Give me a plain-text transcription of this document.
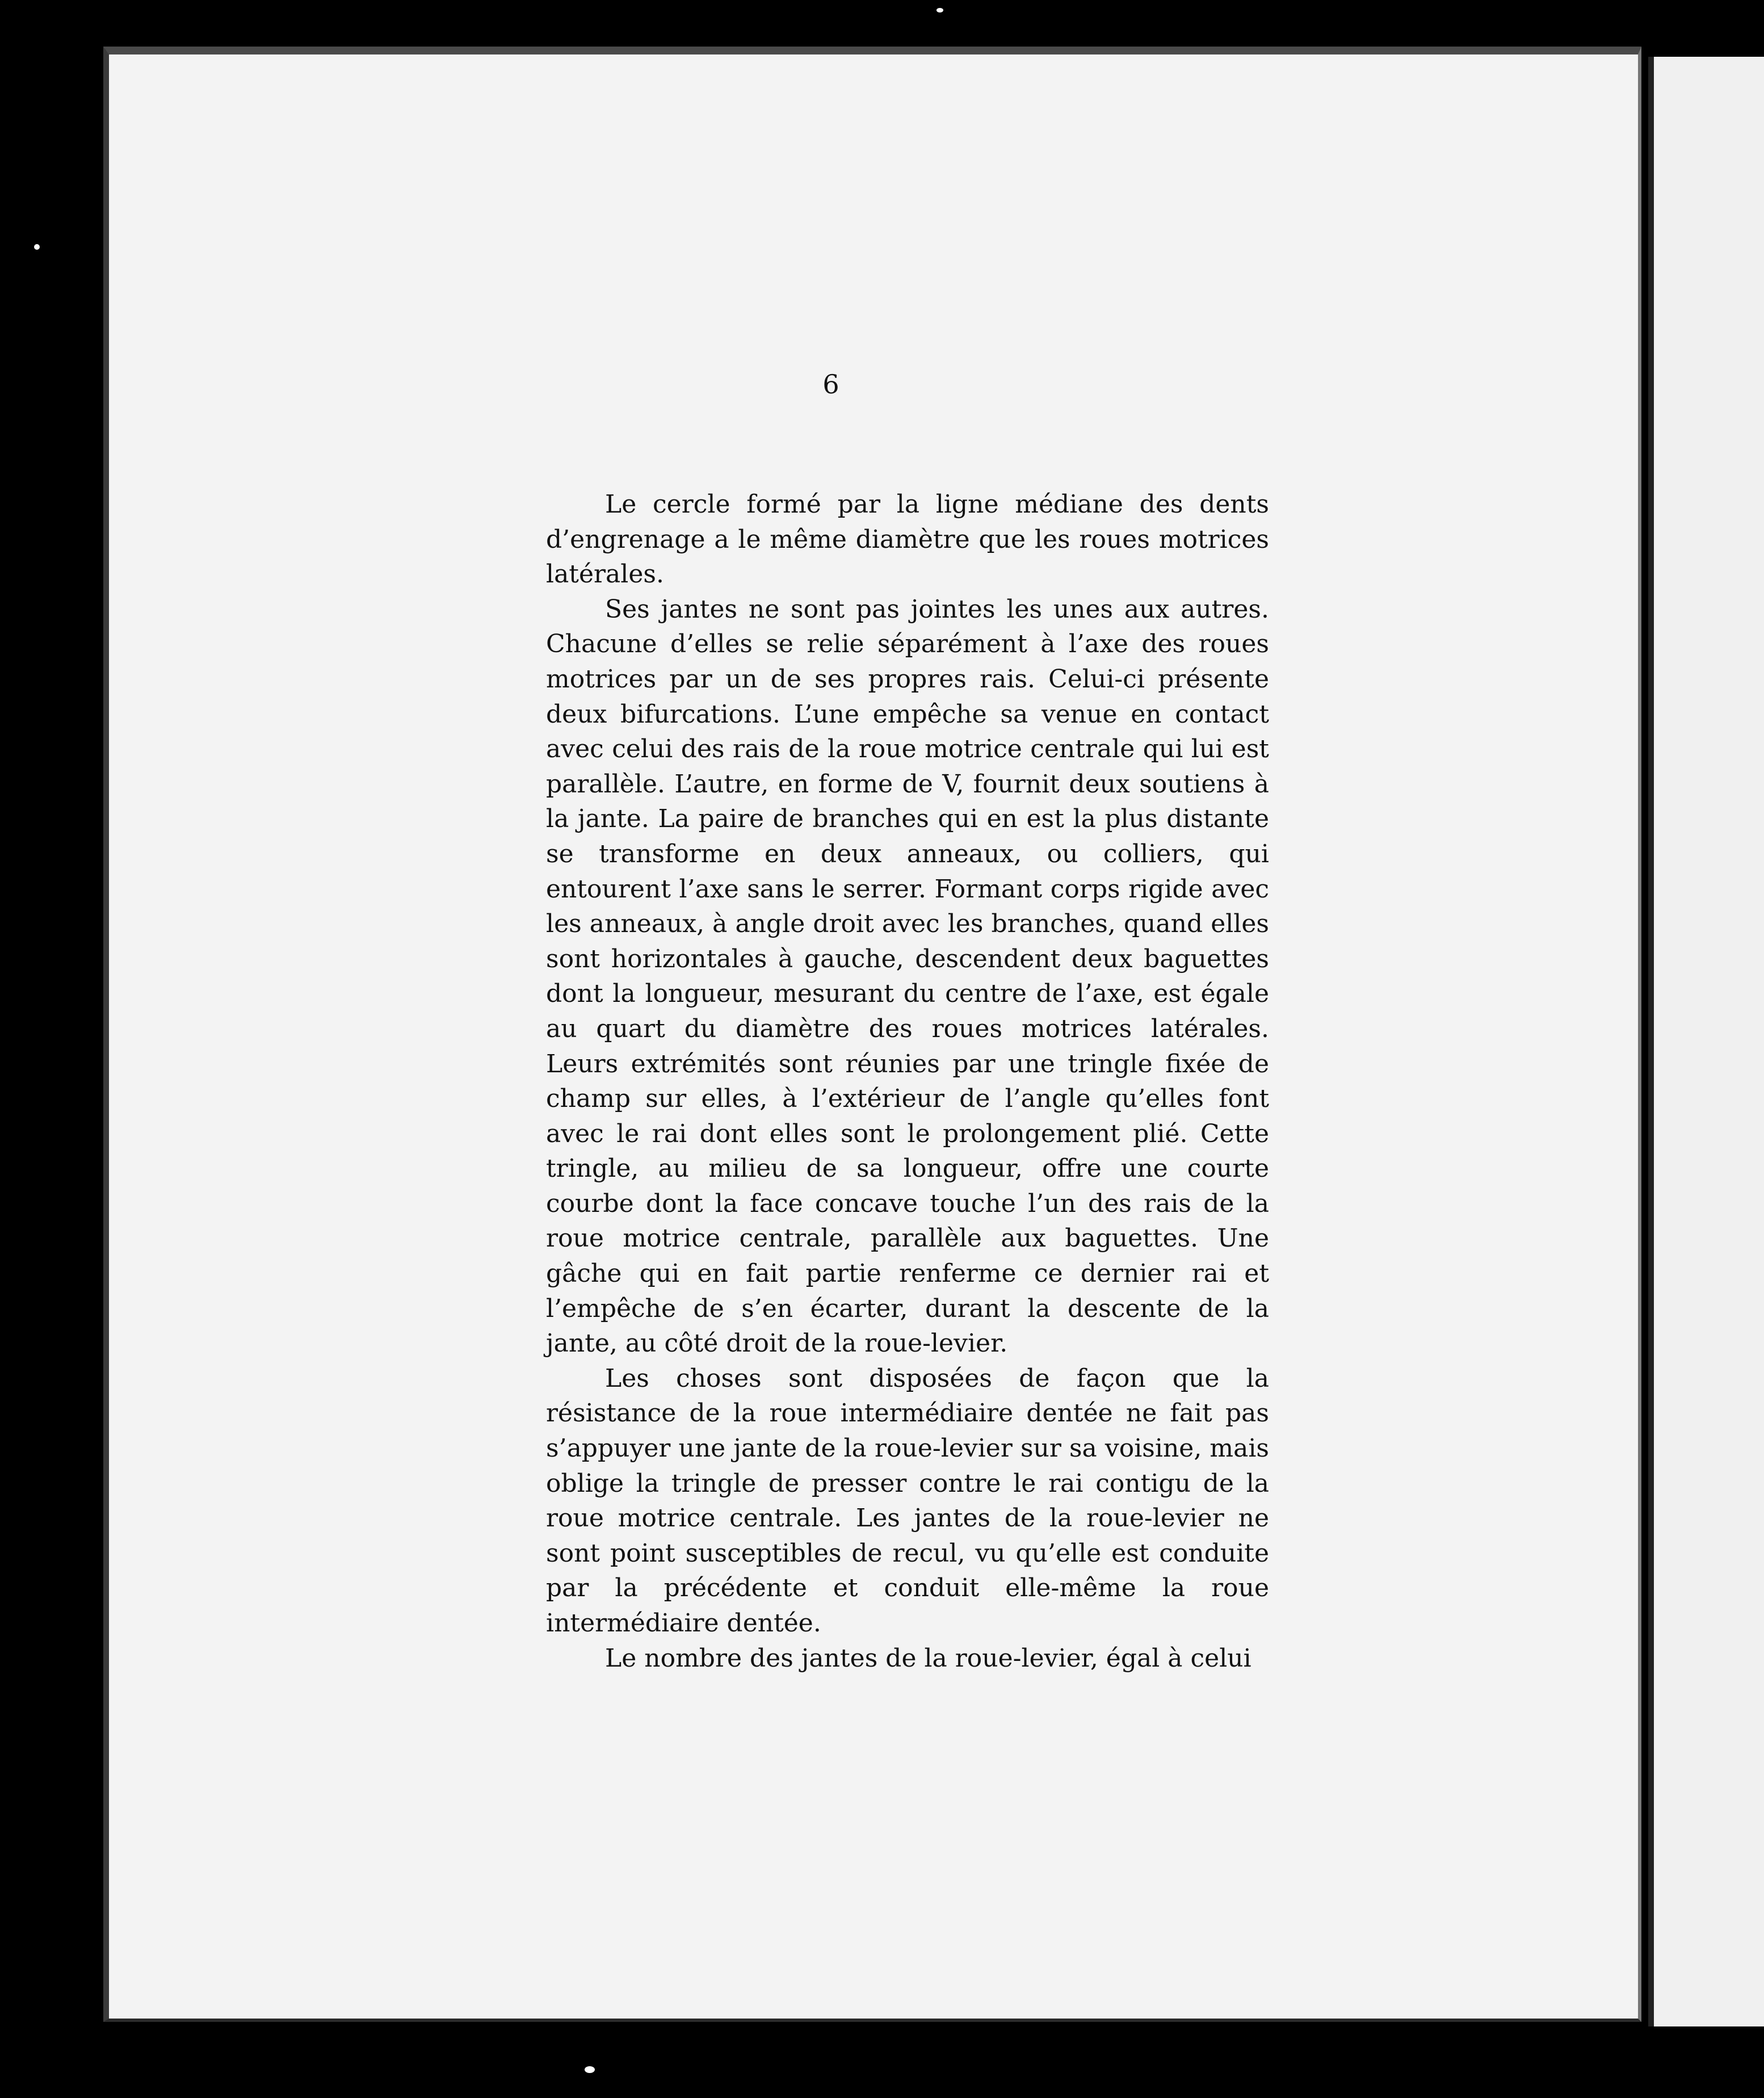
6

Le cercle formé par la ligne médiane des dents d’engrenage a le même diamètre que les roues motrices latérales.

Ses jantes ne sont pas jointes les unes aux autres. Chacune d’elles se relie séparément à l’axe des roues motrices par un de ses propres rais. Celui-ci présente deux bifurcations. L’une empêche sa venue en contact avec celui des rais de la roue motrice centrale qui lui est parallèle. L’autre, en forme de V, fournit deux soutiens à la jante. La paire de branches qui en est la plus distante se transforme en deux anneaux, ou colliers, qui entourent l’axe sans le serrer. Formant corps rigide avec les anneaux, à angle droit avec les branches, quand elles sont horizontales à gauche, descendent deux baguettes dont la longueur, mesurant du centre de l’axe, est égale au quart du diamètre des roues motrices latérales. Leurs extrémités sont réunies par une tringle fixée de champ sur elles, à l’extérieur de l’angle qu’elles font avec le rai dont elles sont le prolongement plié. Cette tringle, au milieu de sa longueur, offre une courte courbe dont la face concave touche l’un des rais de la roue motrice centrale, parallèle aux baguettes. Une gâche qui en fait partie renferme ce dernier rai et l’empêche de s’en écarter, durant la descente de la jante, au côté droit de la roue-levier.

Les choses sont disposées de façon que la résistance de la roue intermédiaire dentée ne fait pas s’appuyer une jante de la roue-levier sur sa voisine, mais oblige la tringle de presser contre le rai contigu de la roue motrice centrale. Les jantes de la roue-levier ne sont point susceptibles de recul, vu qu’elle est conduite par la précédente et conduit elle-même la roue intermédiaire dentée.

Le nombre des jantes de la roue-levier, égal à celui
